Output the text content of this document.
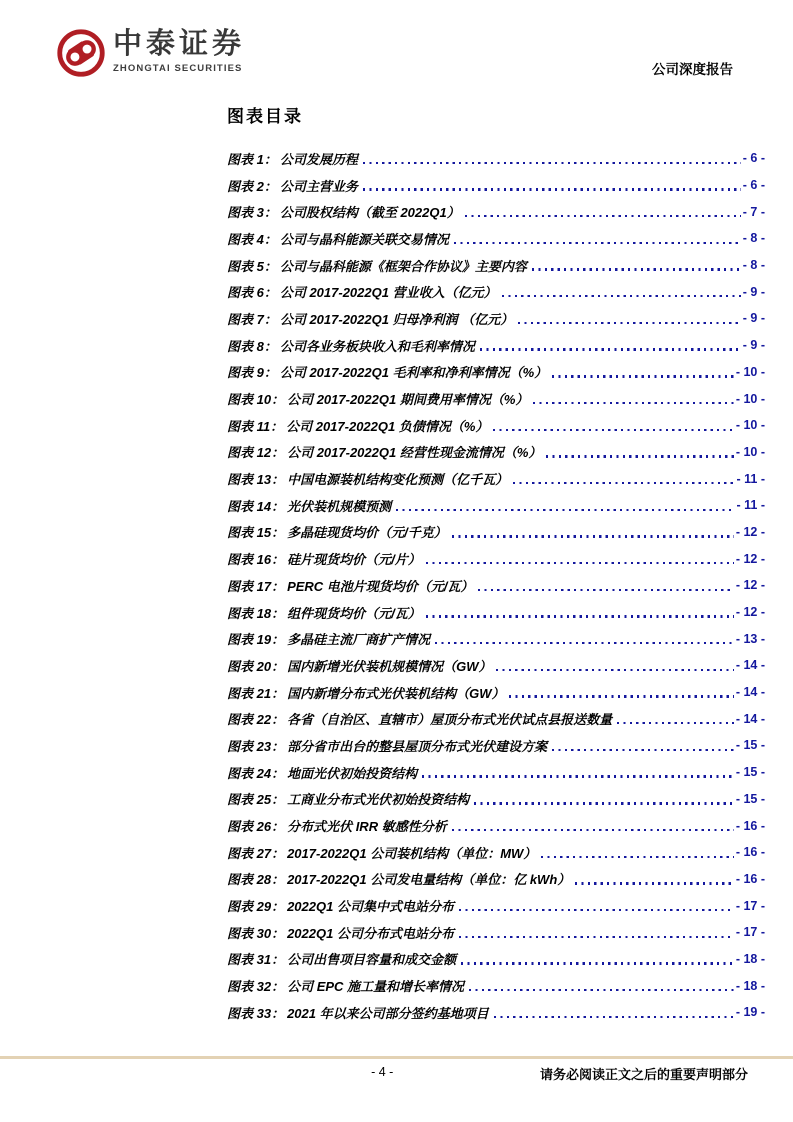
中泰证券
ZHONGTAI SECURITIES	公司深度报告
图表目录
图表 1： 公司发展历程	- 6 -
图表 2： 公司主营业务	- 6 -
图表 3： 公司股权结构（截至 2022Q1）	- 7 -
图表 4： 公司与晶科能源关联交易情况	- 8 -
图表 5： 公司与晶科能源《框架合作协议》主要内容	- 8 -
图表 6： 公司 2017-2022Q1 营业收入（亿元）	- 9 -
图表 7： 公司 2017-2022Q1 归母净利润 （亿元）	- 9 -
图表 8： 公司各业务板块收入和毛利率情况	- 9 -
图表 9： 公司 2017-2022Q1 毛利率和净利率情况（%）	- 10 -
图表 10： 公司 2017-2022Q1 期间费用率情况（%）	- 10 -
图表 11： 公司 2017-2022Q1 负债情况（%）	- 10 -
图表 12： 公司 2017-2022Q1 经营性现金流情况（%）	- 10 -
图表 13： 中国电源装机结构变化预测（亿千瓦）	- 11 -
图表 14： 光伏装机规模预测	- 11 -
图表 15： 多晶硅现货均价（元/千克）	- 12 -
图表 16： 硅片现货均价（元/片）	- 12 -
图表 17： PERC 电池片现货均价（元/瓦）	- 12 -
图表 18： 组件现货均价（元/瓦）	- 12 -
图表 19： 多晶硅主流厂商扩产情况	- 13 -
图表 20： 国内新增光伏装机规模情况（GW）	- 14 -
图表 21： 国内新增分布式光伏装机结构（GW）	- 14 -
图表 22： 各省（自治区、直辖市）屋顶分布式光伏试点县报送数量	- 14 -
图表 23： 部分省市出台的整县屋顶分布式光伏建设方案	- 15 -
图表 24： 地面光伏初始投资结构	- 15 -
图表 25： 工商业分布式光伏初始投资结构	- 15 -
图表 26： 分布式光伏 IRR 敏感性分析	- 16 -
图表 27： 2017-2022Q1 公司装机结构（单位：MW）	- 16 -
图表 28： 2017-2022Q1 公司发电量结构（单位：亿 kWh）	- 16 -
图表 29： 2022Q1 公司集中式电站分布	- 17 -
图表 30： 2022Q1 公司分布式电站分布	- 17 -
图表 31： 公司出售项目容量和成交金额	- 18 -
图表 32： 公司 EPC 施工量和增长率情况	- 18 -
图表 33： 2021 年以来公司部分签约基地项目	- 19 -
- 4 -	请务必阅读正文之后的重要声明部分
